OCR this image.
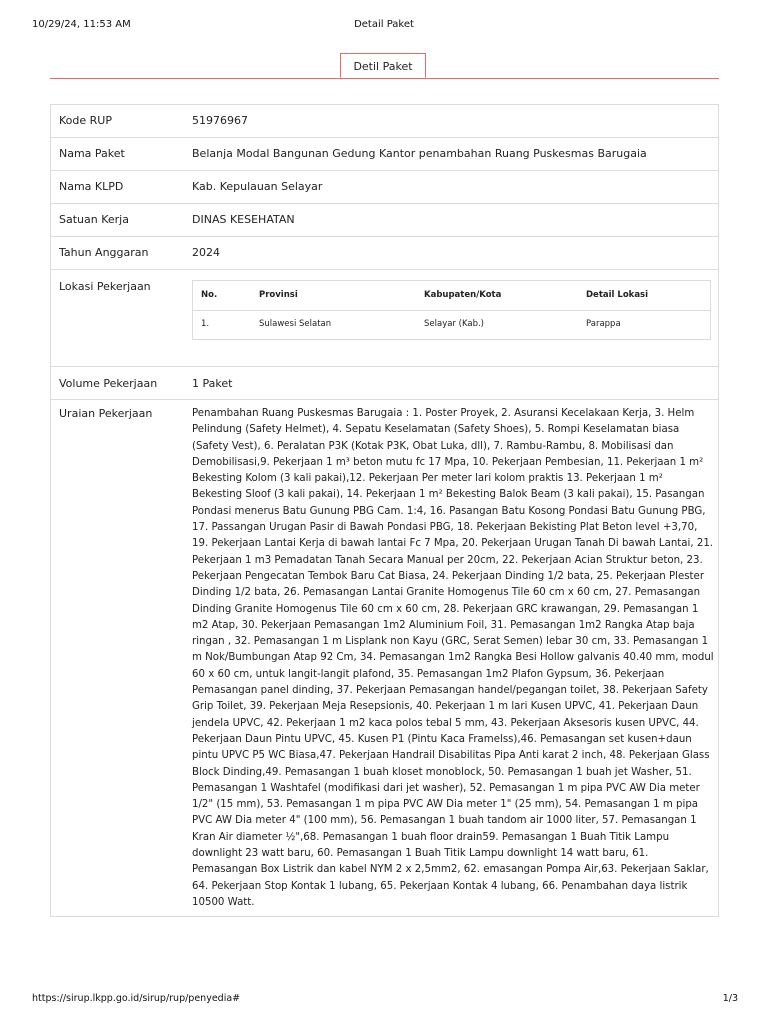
10/29/24, 11:53 AM	Detail Paket
Detil Paket
Kode RUP	51976967
Nama Paket	Belanja Modal Bangunan Gedung Kantor penambahan Ruang Puskesmas Barugaia
Nama KLPD	Kab. Kepulauan Selayar
Satuan Kerja	DINAS KESEHATAN
Tahun Anggaran	2024
Lokasi Pekerjaan
No.	Provinsi	Kabupaten/Kota	Detail Lokasi
1.	Sulawesi Selatan	Selayar (Kab.)	Parappa
Volume Pekerjaan	1 Paket
Uraian Pekerjaan	Penambahan Ruang Puskesmas Barugaia : 1. Poster Proyek, 2. Asuransi Kecelakaan Kerja, 3. Helm Pelindung (Safety Helmet), 4. Sepatu Keselamatan (Safety Shoes), 5. Rompi Keselamatan biasa (Safety Vest), 6. Peralatan P3K (Kotak P3K, Obat Luka, dll), 7. Rambu-Rambu, 8. Mobilisasi dan Demobilisasi,9. Pekerjaan 1 m³ beton mutu fc 17 Mpa, 10. Pekerjaan Pembesian, 11. Pekerjaan 1 m² Bekesting Kolom (3 kali pakai),12. Pekerjaan Per meter lari kolom praktis 13. Pekerjaan 1 m² Bekesting Sloof (3 kali pakai), 14. Pekerjaan 1 m² Bekesting Balok Beam (3 kali pakai), 15. Pasangan Pondasi menerus Batu Gunung PBG Cam. 1:4, 16. Pasangan Batu Kosong Pondasi Batu Gunung PBG, 17. Passangan Urugan Pasir di Bawah Pondasi PBG, 18. Pekerjaan Bekisting Plat Beton level +3,70, 19. Pekerjaan Lantai Kerja di bawah lantai Fc 7 Mpa, 20. Pekerjaan Urugan Tanah Di bawah Lantai, 21. Pekerjaan 1 m3 Pemadatan Tanah Secara Manual per 20cm, 22. Pekerjaan Acian Struktur beton, 23. Pekerjaan Pengecatan Tembok Baru Cat Biasa, 24. Pekerjaan Dinding 1/2 bata, 25. Pekerjaan Plester Dinding 1/2 bata, 26. Pemasangan Lantai Granite Homogenus Tile 60 cm x 60 cm, 27. Pemasangan Dinding Granite Homogenus Tile 60 cm x 60 cm, 28. Pekerjaan GRC krawangan, 29. Pemasangan 1 m2 Atap, 30. Pekerjaan Pemasangan 1m2 Aluminium Foil, 31. Pemasangan 1m2 Rangka Atap baja ringan , 32. Pemasangan 1 m Lisplank non Kayu (GRC, Serat Semen) lebar 30 cm, 33. Pemasangan 1 m Nok/Bumbungan Atap 92 Cm, 34. Pemasangan 1m2 Rangka Besi Hollow galvanis 40.40 mm, modul 60 x 60 cm, untuk langit-langit plafond, 35. Pemasangan 1m2 Plafon Gypsum, 36. Pekerjaan Pemasangan panel dinding, 37. Pekerjaan Pemasangan handel/pegangan toilet, 38. Pekerjaan Safety Grip Toilet, 39. Pekerjaan Meja Resepsionis, 40. Pekerjaan 1 m lari Kusen UPVC, 41. Pekerjaan Daun jendela UPVC, 42. Pekerjaan 1 m2 kaca polos tebal 5 mm, 43. Pekerjaan Aksesoris kusen UPVC, 44. Pekerjaan Daun Pintu UPVC, 45. Kusen P1 (Pintu Kaca Framelss),46. Pemasangan set kusen+daun pintu UPVC P5 WC Biasa,47. Pekerjaan Handrail Disabilitas Pipa Anti karat 2 inch, 48. Pekerjaan Glass Block Dinding,49. Pemasangan 1 buah kloset monoblock, 50. Pemasangan 1 buah jet Washer, 51. Pemasangan 1 Washtafel (modifikasi dari jet washer), 52. Pemasangan 1 m pipa PVC AW Dia meter 1/2" (15 mm), 53. Pemasangan 1 m pipa PVC AW Dia meter 1" (25 mm), 54. Pemasangan 1 m pipa PVC AW Dia meter 4" (100 mm), 56. Pemasangan 1 buah tandom air 1000 liter, 57. Pemasangan 1 Kran Air diameter ½",68. Pemasangan 1 buah floor drain59. Pemasangan 1 Buah Titik Lampu downlight 23 watt baru, 60. Pemasangan 1 Buah Titik Lampu downlight 14 watt baru, 61. Pemasangan Box Listrik dan kabel NYM 2 x 2,5mm2, 62. emasangan Pompa Air,63. Pekerjaan Saklar, 64. Pekerjaan Stop Kontak 1 lubang, 65. Pekerjaan Kontak 4 lubang, 66. Penambahan daya listrik 10500 Watt.
https://sirup.lkpp.go.id/sirup/rup/penyedia#	1/3
